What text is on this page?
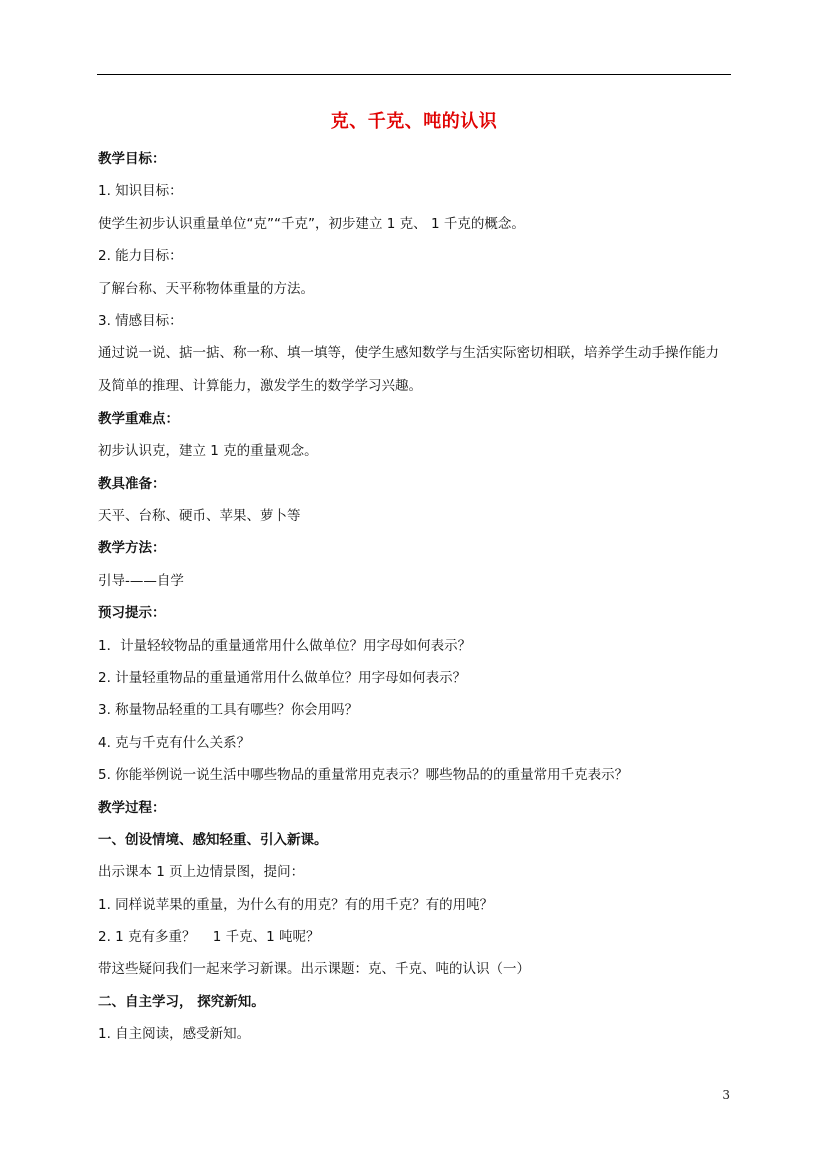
克、千克、吨的认识
教学目标：
1. 知识目标：
使学生初步认识重量单位“克”“千克”，初步建立 1 克、 1 千克的概念。
2. 能力目标：
了解台称、天平称物体重量的方法。
3. 情感目标：
通过说一说、掂一掂、称一称、填一填等，使学生感知数学与生活实际密切相联，培养学生动手操作能力及简单的推理、计算能力，激发学生的数学学习兴趣。
教学重难点：
初步认识克，建立 1 克的重量观念。
教具准备：
天平、台称、硬币、苹果、萝卜等
教学方法：
引导-——自学
预习提示：
1．计量轻较物品的重量通常用什么做单位？用字母如何表示？
2. 计量轻重物品的重量通常用什么做单位？用字母如何表示？
3. 称量物品轻重的工具有哪些？你会用吗？
4. 克与千克有什么关系？
5. 你能举例说一说生活中哪些物品的重量常用克表示？哪些物品的的重量常用千克表示？
教学过程：
一、创设情境、感知轻重、引入新课。
出示课本 1 页上边情景图，提问：
1. 同样说苹果的重量，为什么有的用克？有的用千克？有的用吨？
2. 1 克有多重？    1 千克、1 吨呢？
带这些疑问我们一起来学习新课。出示课题：克、千克、吨的认识（一）
二、自主学习， 探究新知。
1. 自主阅读，感受新知。
3
